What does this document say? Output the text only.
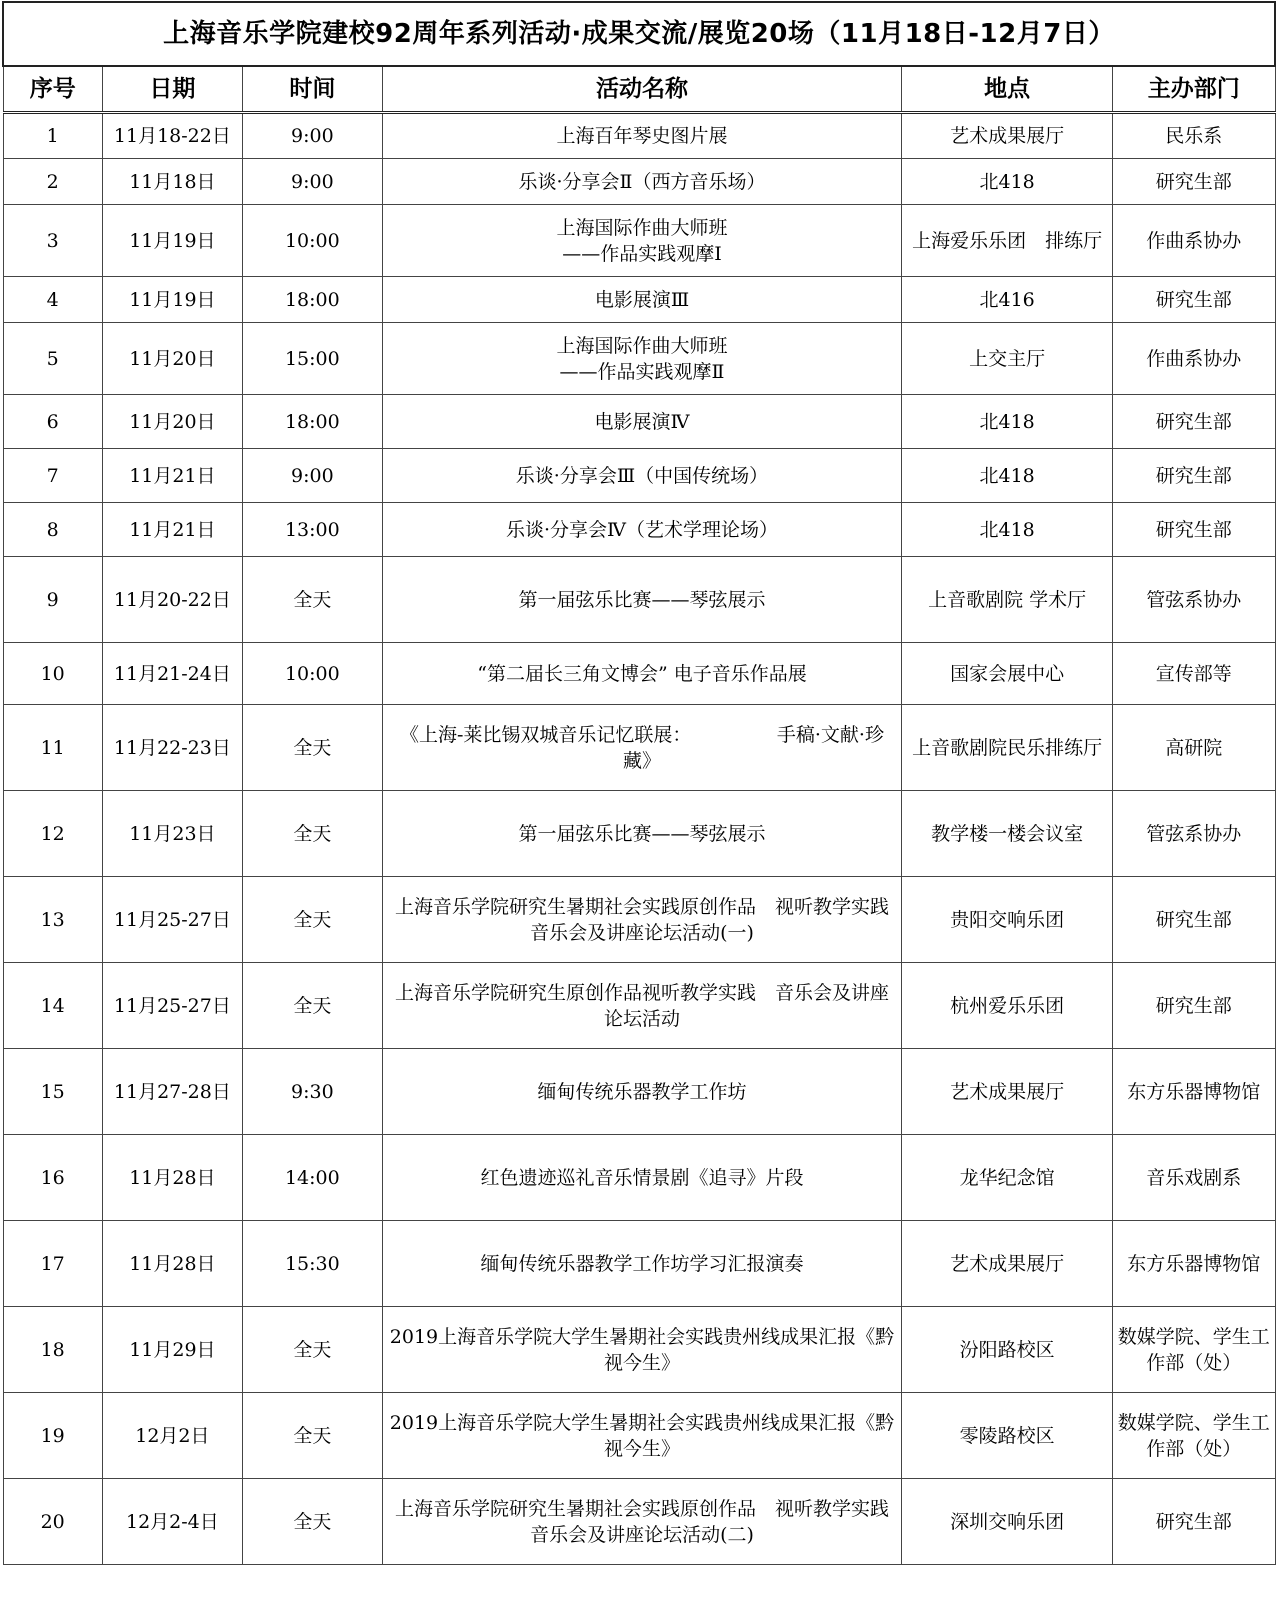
上海音乐学院建校92周年系列活动·成果交流/展览20场（11月18日-12月7日）					
序号	日期	时间	活动名称	地点	主办部门
1	11月18-22日	9:00	上海百年琴史图片展	艺术成果展厅	民乐系
2	11月18日	9:00	乐谈·分享会Ⅱ（西方音乐场）	北418	研究生部
3	11月19日	10:00	上海国际作曲大师班
——作品实践观摩Ⅰ	上海爱乐乐团　排练厅	作曲系协办
4	11月19日	18:00	电影展演Ⅲ	北416	研究生部
5	11月20日	15:00	上海国际作曲大师班
——作品实践观摩Ⅱ	上交主厅	作曲系协办
6	11月20日	18:00	电影展演Ⅳ	北418	研究生部
7	11月21日	9:00	乐谈·分享会Ⅲ（中国传统场）	北418	研究生部
8	11月21日	13:00	乐谈·分享会Ⅳ（艺术学理论场）	北418	研究生部
9	11月20-22日	全天	第一届弦乐比赛——琴弦展示	上音歌剧院 学术厅	管弦系协办
10	11月21-24日	10:00	“第二届长三角文博会” 电子音乐作品展	国家会展中心	宣传部等
11	11月22-23日	全天	《上海-莱比锡双城音乐记忆联展：　　　　　手稿·文献·珍藏》	上音歌剧院民乐排练厅	高研院
12	11月23日	全天	第一届弦乐比赛——琴弦展示	教学楼一楼会议室	管弦系协办
13	11月25-27日	全天	上海音乐学院研究生暑期社会实践原创作品　视听教学实践音乐会及讲座论坛活动(一)	贵阳交响乐团	研究生部
14	11月25-27日	全天	上海音乐学院研究生原创作品视听教学实践　音乐会及讲座论坛活动	杭州爱乐乐团	研究生部
15	11月27-28日	9:30	缅甸传统乐器教学工作坊	艺术成果展厅	东方乐器博物馆
16	11月28日	14:00	红色遗迹巡礼音乐情景剧《追寻》片段	龙华纪念馆	音乐戏剧系
17	11月28日	15:30	缅甸传统乐器教学工作坊学习汇报演奏	艺术成果展厅	东方乐器博物馆
18	11月29日	全天	2019上海音乐学院大学生暑期社会实践贵州线成果汇报《黔视今生》	汾阳路校区	数媒学院、学生工作部（处）
19	12月2日	全天	2019上海音乐学院大学生暑期社会实践贵州线成果汇报《黔视今生》	零陵路校区	数媒学院、学生工作部（处）
20	12月2-4日	全天	上海音乐学院研究生暑期社会实践原创作品　视听教学实践音乐会及讲座论坛活动(二)	深圳交响乐团	研究生部
